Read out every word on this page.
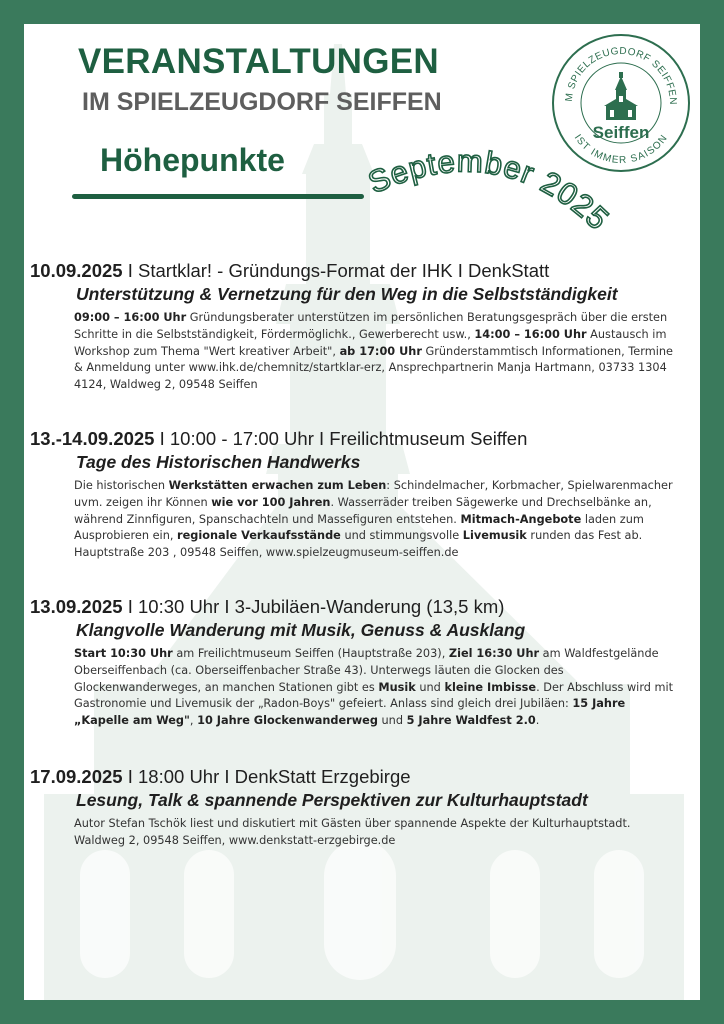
VERANSTALTUNGEN
IM SPIELZEUGDORF SEIFFEN
Höhepunkte	September 2025
M SPIELZEUGDORF SEIFFEN
IST IMMER SAISON
Seiffen

10.09.2025 I Startklar! - Gründungs-Format der IHK I DenkStatt

Unterstützung & Vernetzung für den Weg in die Selbstständigkeit

09:00 – 16:00 Uhr Gründungsberater unterstützen im persönlichen Beratungsgespräch über die ersten Schritte in die Selbstständigkeit, Fördermöglichk., Gewerberecht usw., 14:00 – 16:00 Uhr Austausch im Workshop zum Thema "Wert kreativer Arbeit", ab 17:00 Uhr Gründerstammtisch Informationen, Termine & Anmeldung unter www.ihk.de/chemnitz/startklar-erz, Ansprechpartnerin Manja Hartmann, 03733 1304 4124, Waldweg 2, 09548 Seiffen

13.-14.09.2025 I 10:00 - 17:00 Uhr I Freilichtmuseum Seiffen

Tage des Historischen Handwerks

Die historischen Werkstätten erwachen zum Leben: Schindelmacher, Korbmacher, Spielwarenmacher uvm. zeigen ihr Können wie vor 100 Jahren. Wasserräder treiben Sägewerke und Drechselbänke an, während Zinnfiguren, Spanschachteln und Massefiguren entstehen. Mitmach-Angebote laden zum Ausprobieren ein, regionale Verkaufsstände und stimmungsvolle Livemusik runden das Fest ab. Hauptstraße 203 , 09548 Seiffen, www.spielzeugmuseum-seiffen.de

13.09.2025 I 10:30 Uhr I 3-Jubiläen-Wanderung (13,5 km)

Klangvolle Wanderung mit Musik, Genuss & Ausklang

Start 10:30 Uhr am Freilichtmuseum Seiffen (Hauptstraße 203), Ziel 16:30 Uhr am Waldfestgelände Oberseiffenbach (ca. Oberseiffenbacher Straße 43). Unterwegs läuten die Glocken des Glockenwanderweges, an manchen Stationen gibt es Musik und kleine Imbisse. Der Abschluss wird mit Gastronomie und Livemusik der „Radon-Boys" gefeiert. Anlass sind gleich drei Jubiläen: 15 Jahre „Kapelle am Weg", 10 Jahre Glockenwanderweg und 5 Jahre Waldfest 2.0.

17.09.2025 I 18:00 Uhr I DenkStatt Erzgebirge

Lesung, Talk & spannende Perspektiven zur Kulturhauptstadt

Autor Stefan Tschök liest und diskutiert mit Gästen über spannende Aspekte der Kulturhauptstadt. Waldweg 2, 09548 Seiffen, www.denkstatt-erzgebirge.de
